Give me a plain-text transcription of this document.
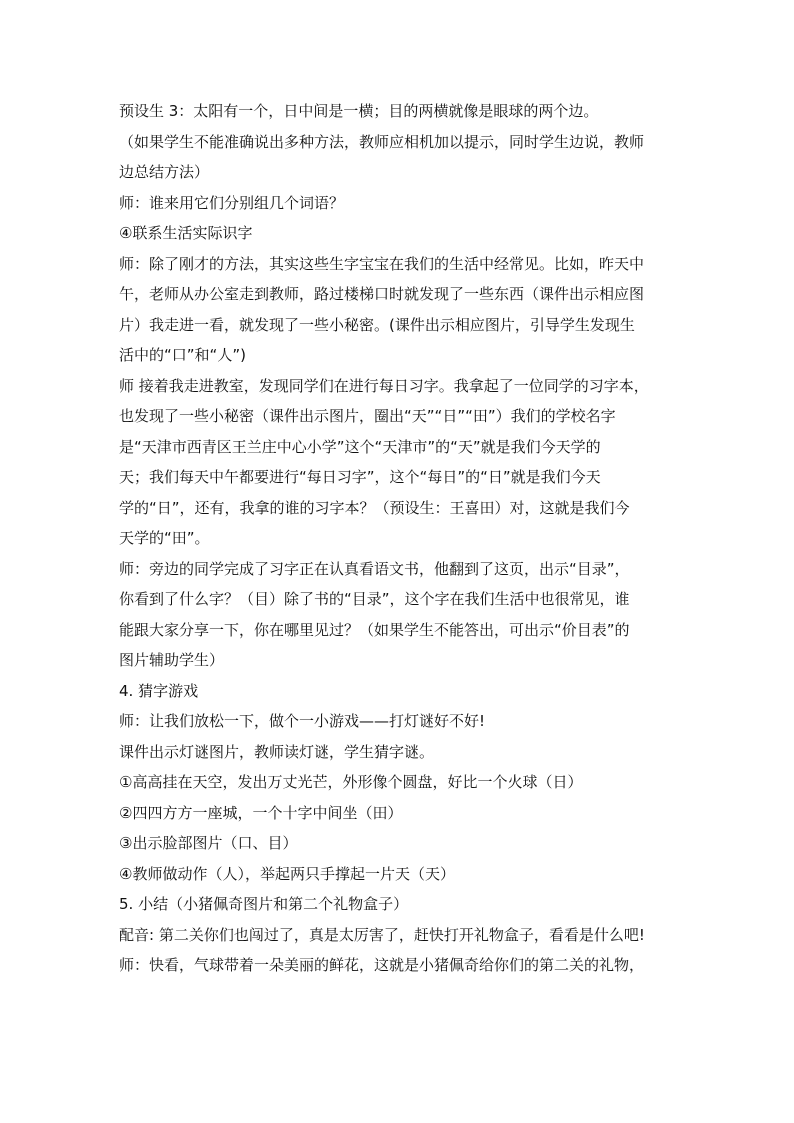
预设生 3：太阳有一个，日中间是一横；目的两横就像是眼球的两个边。
（如果学生不能准确说出多种方法，教师应相机加以提示，同时学生边说，教师
边总结方法）
师：谁来用它们分别组几个词语？
④联系生活实际识字
师：除了刚才的方法，其实这些生字宝宝在我们的生活中经常见。比如，昨天中
午，老师从办公室走到教师，路过楼梯口时就发现了一些东西（课件出示相应图
片）我走进一看，就发现了一些小秘密。(课件出示相应图片，引导学生发现生
活中的“口”和“人”)
师 接着我走进教室，发现同学们在进行每日习字。我拿起了一位同学的习字本，
也发现了一些小秘密（课件出示图片，圈出“天”“日”“田”）我们的学校名字
是“天津市西青区王兰庄中心小学”这个“天津市”的“天”就是我们今天学的
天；我们每天中午都要进行“每日习字”，这个“每日”的“日”就是我们今天
学的“日”，还有，我拿的谁的习字本？（预设生：王喜田）对，这就是我们今
天学的“田”。
师：旁边的同学完成了习字正在认真看语文书，他翻到了这页，出示“目录”，
你看到了什么字？（目）除了书的“目录”，这个字在我们生活中也很常见，谁
能跟大家分享一下，你在哪里见过？（如果学生不能答出，可出示“价目表”的
图片辅助学生）
4. 猜字游戏
师：让我们放松一下，做个一小游戏——打灯谜好不好!
课件出示灯谜图片，教师读灯谜，学生猜字谜。
①高高挂在天空，发出万丈光芒，外形像个圆盘，好比一个火球（日）
②四四方方一座城，一个十字中间坐（田）
③出示脸部图片（口、目）
④教师做动作（人），举起两只手撑起一片天（天）
5. 小结（小猪佩奇图片和第二个礼物盒子）
配音: 第二关你们也闯过了，真是太厉害了，赶快打开礼物盒子，看看是什么吧!
师：快看，气球带着一朵美丽的鲜花，这就是小猪佩奇给你们的第二关的礼物，
